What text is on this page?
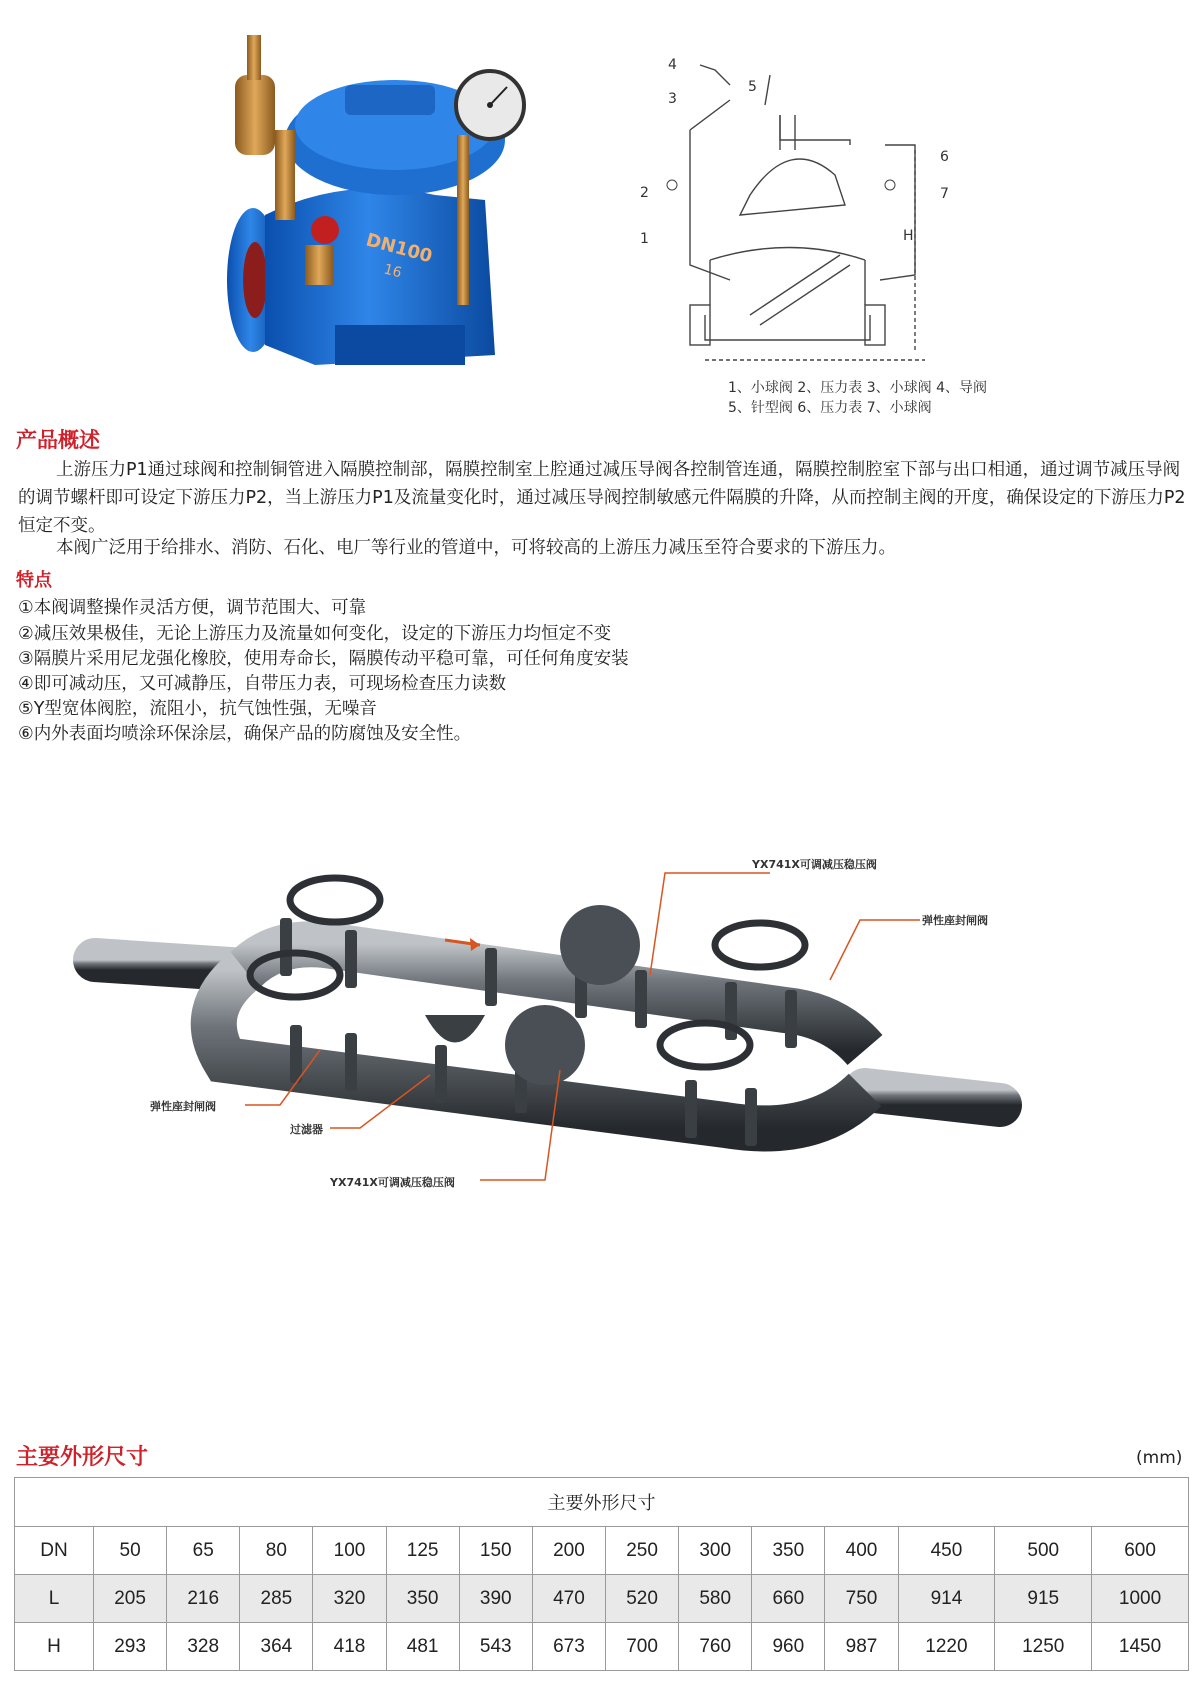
DN100
16
4
5
3
6
2	7
1	H
1、小球阀 2、压力表 3、小球阀 4、导阀
5、针型阀 6、压力表 7、小球阀
产品概述
上游压力P1通过球阀和控制铜管进入隔膜控制部，隔膜控制室上腔通过减压导阀各控制管连通，隔膜控制腔室下部与出口相通，通过调节减压导阀的调节螺杆即可设定下游压力P2，当上游压力P1及流量变化时，通过减压导阀控制敏感元件隔膜的升降，从而控制主阀的开度，确保设定的下游压力P2恒定不变。
本阀广泛用于给排水、消防、石化、电厂等行业的管道中，可将较高的上游压力减压至符合要求的下游压力。
特点
①本阀调整操作灵活方便，调节范围大、可靠
②减压效果极佳，无论上游压力及流量如何变化，设定的下游压力均恒定不变
③隔膜片采用尼龙强化橡胶，使用寿命长，隔膜传动平稳可靠，可任何角度安装
④即可减动压，又可减静压，自带压力表，可现场检查压力读数
⑤Y型宽体阀腔，流阻小，抗气蚀性强，无噪音
⑥内外表面均喷涂环保涂层，确保产品的防腐蚀及安全性。
YX741X可调减压稳压阀
弹性座封闸阀
弹性座封闸阀
过滤器
YX741X可调减压稳压阀
主要外形尺寸	(mm)
主要外形尺寸														
DN	50	65	80	100	125	150	200	250	300	350	400	450	500	600
L	205	216	285	320	350	390	470	520	580	660	750	914	915	1000
H	293	328	364	418	481	543	673	700	760	960	987	1220	1250	1450
